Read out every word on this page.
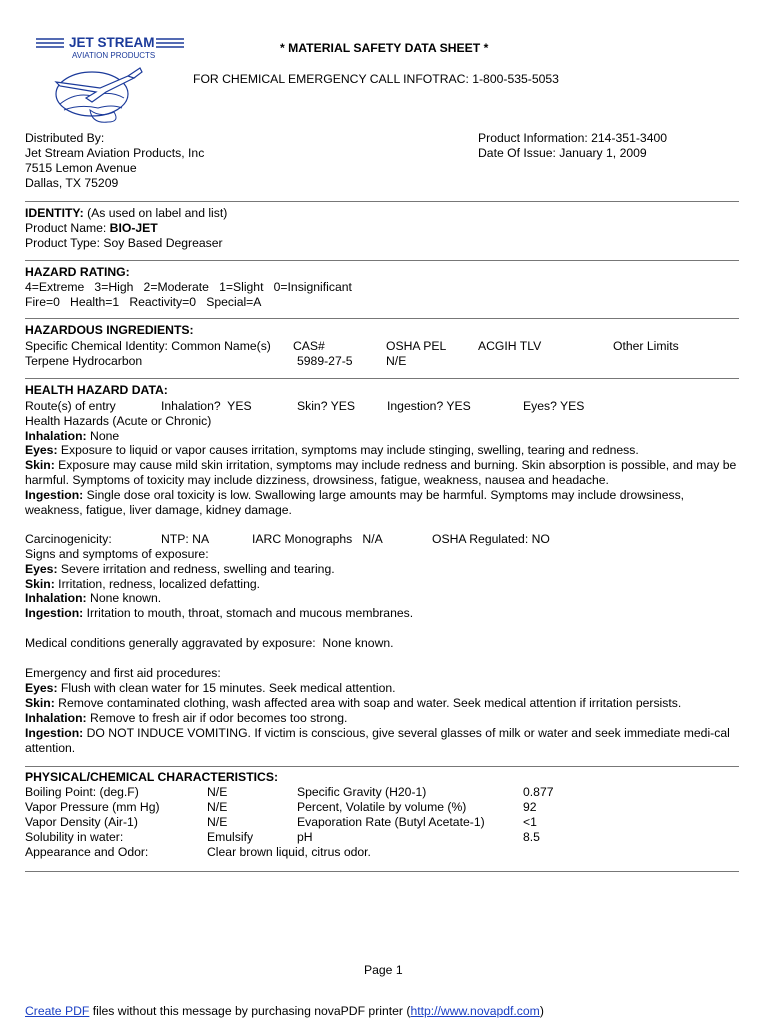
JET STREAM
AVIATION PRODUCTS
* MATERIAL SAFETY DATA SHEET *
FOR CHEMICAL EMERGENCY CALL INFOTRAC: 1-800-535-5053
Distributed By:
Jet Stream Aviation Products, Inc
7515 Lemon Avenue
Dallas, TX 75209
Product Information: 214-351-3400
Date Of Issue: January 1, 2009
IDENTITY: (As used on label and list)
Product Name: BIO-JET
Product Type: Soy Based Degreaser
HAZARD RATING:
4=Extreme   3=High   2=Moderate   1=Slight   0=Insignificant
Fire=0   Health=1   Reactivity=0   Special=A
HAZARDOUS INGREDIENTS:
Specific Chemical Identity: Common Name(s) CAS#	OSHA PEL	ACGIH TLV	Other Limits
Terpene Hydrocarbon	5989-27-5	N/E
HEALTH HAZARD DATA:
Route(s) of entry	Inhalation?  YES	Skin? YES	Ingestion? YES	Eyes? YES
Health Hazards (Acute or Chronic)
Inhalation: None
Eyes: Exposure to liquid or vapor causes irritation, symptoms may include stinging, swelling, tearing and redness.
Skin: Exposure may cause mild skin irritation, symptoms may include redness and burning. Skin absorption is possible, and may be harmful. Symptoms of toxicity may include dizziness, drowsiness, fatigue, weakness, nausea and headache.
Ingestion: Single dose oral toxicity is low. Swallowing large amounts may be harmful. Symptoms may include drowsiness, weakness, fatigue, liver damage, kidney damage.
Carcinogenicity:	NTP: NA	IARC Monographs   N/A	OSHA Regulated: NO
Signs and symptoms of exposure:
Eyes: Severe irritation and redness, swelling and tearing.
Skin: Irritation, redness, localized defatting.
Inhalation: None known.
Ingestion: Irritation to mouth, throat, stomach and mucous membranes.
Medical conditions generally aggravated by exposure:  None known.
Emergency and first aid procedures:
Eyes: Flush with clean water for 15 minutes. Seek medical attention.
Skin: Remove contaminated clothing, wash affected area with soap and water. Seek medical attention if irritation persists.
Inhalation: Remove to fresh air if odor becomes too strong.
Ingestion: DO NOT INDUCE VOMITING. If victim is conscious, give several glasses of milk or water and seek immediate medi-cal attention.
PHYSICAL/CHEMICAL CHARACTERISTICS:
Boiling Point: (deg.F)	N/E	Specific Gravity (H20-1)	0.877
Vapor Pressure (mm Hg)	N/E	Percent, Volatile by volume (%)	92
Vapor Density (Air-1)	N/E	Evaporation Rate (Butyl Acetate-1)	<1
Solubility in water:	Emulsify	pH	8.5
Appearance and Odor:	Clear brown liquid, citrus odor.
Page 1
Create PDF files without this message by purchasing novaPDF printer (http://www.novapdf.com)
